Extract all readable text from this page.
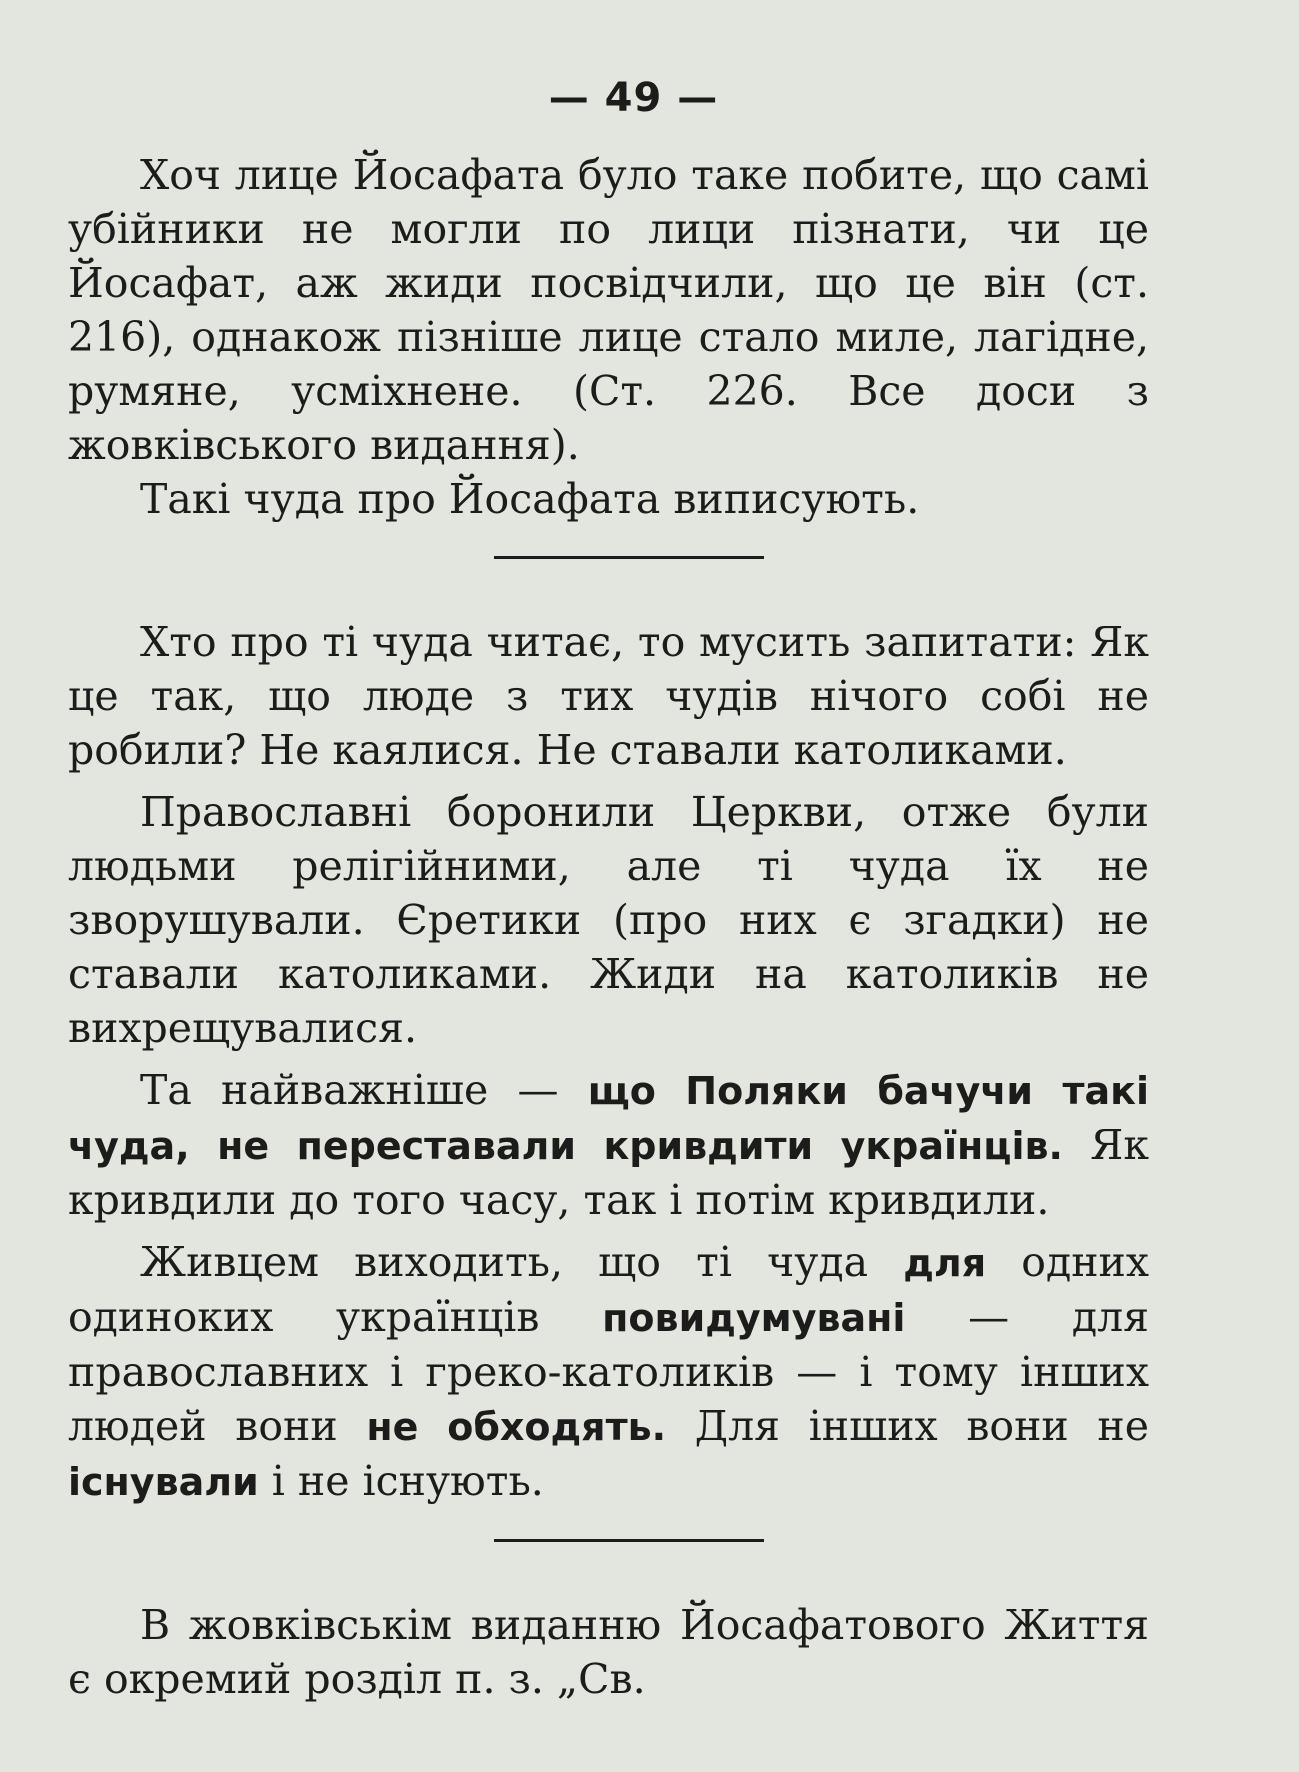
— 49 —

Хоч лице Йосафата було таке побите, що самі убійники не могли по лици пізнати, чи це Йосафат, аж жиди посвідчили, що це він (ст. 216), однакож пізніше лице стало миле, лагідне, румяне, усміхнене. (Ст. 226. Все доси з жовківського видання).

Такі чуда про Йосафата виписують.

Хто про ті чуда читає, то мусить запитати: Як це так, що люде з тих чудів нічого собі не робили? Не каялися. Не ставали католиками.

Православні боронили Церкви, отже були людьми релігійними, але ті чуда їх не зворушували. Єретики (про них є згадки) не ставали католиками. Жиди на католиків не вихрещувалися.

Та найважніше — що Поляки бачучи такі чуда, не переставали кривдити українців. Як кривдили до того часу, так і потім кривдили.

Живцем виходить, що ті чуда для одних одиноких українців повидумувані — для православних і греко-католиків — і тому інших людей вони не обходять. Для інших вони не існували і не існують.

В жовківськім виданню Йосафатового Життя є окремий розділ п. з. „Св.
